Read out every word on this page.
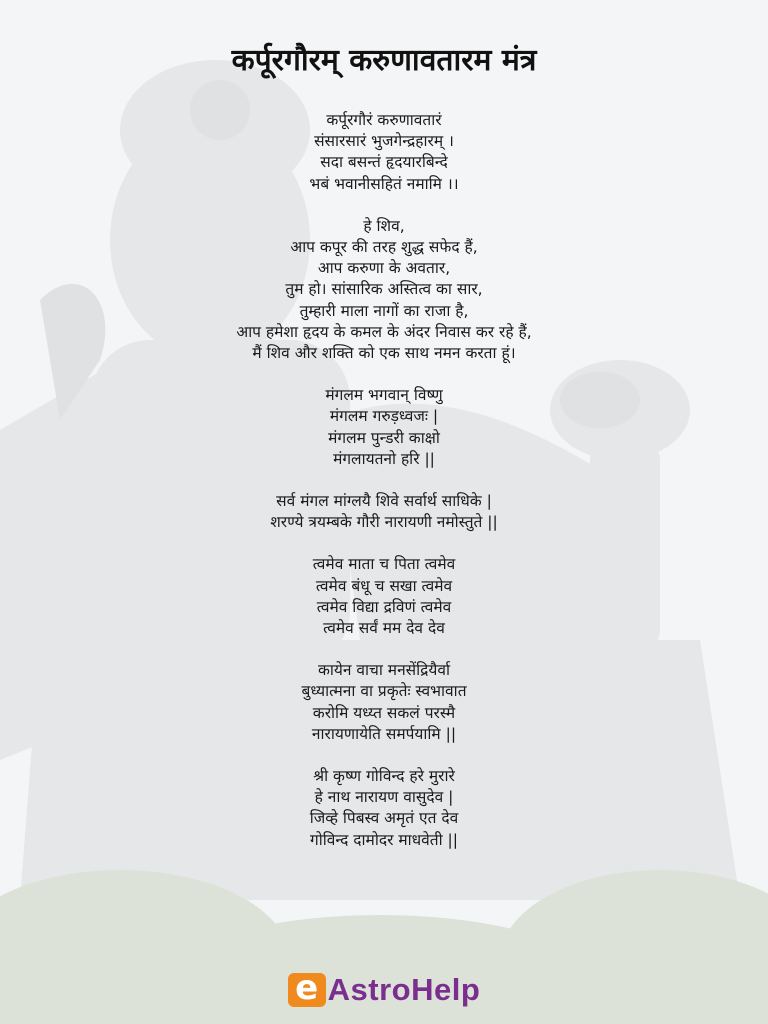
कर्पूरगौरम् करुणावतारम मंत्र
कर्पूरगौरं करुणावतारं
संसारसारं भुजगेन्द्रहारम् ।
सदा बसन्तं हृदयारबिन्दे
भबं भवानीसहितं नमामि ।।
हे शिव,
आप कपूर की तरह शुद्ध सफेद हैं,
आप करुणा के अवतार,
तुम हो। सांसारिक अस्तित्व का सार,
तुम्हारी माला नागों का राजा है,
आप हमेशा हृदय के कमल के अंदर निवास कर रहे हैं,
मैं शिव और शक्ति को एक साथ नमन करता हूं।
मंगलम भगवान् विष्णु
मंगलम गरुड़ध्वजः |
मंगलम पुन्डरी काक्षो
मंगलायतनो हरि ||
सर्व मंगल मांग्लयै शिवे सर्वार्थ साधिके |
शरण्ये त्रयम्बके गौरी नारायणी नमोस्तुते ||
त्वमेव माता च पिता त्वमेव
त्वमेव बंधू च सखा त्वमेव
त्वमेव विद्या द्रविणं त्वमेव
त्वमेव सर्वं मम देव देव
कायेन वाचा मनसेंद्रियैर्वा
बुध्यात्मना वा प्रकृतेः स्वभावात
करोमि यध्य्त सकलं परस्मै
नारायणायेति समर्पयामि ||
श्री कृष्ण गोविन्द हरे मुरारे
हे नाथ नारायण वासुदेव |
जिव्हे पिबस्व अमृतं एत देव
गोविन्द दामोदर माधवेती ||
e AstroHelp
